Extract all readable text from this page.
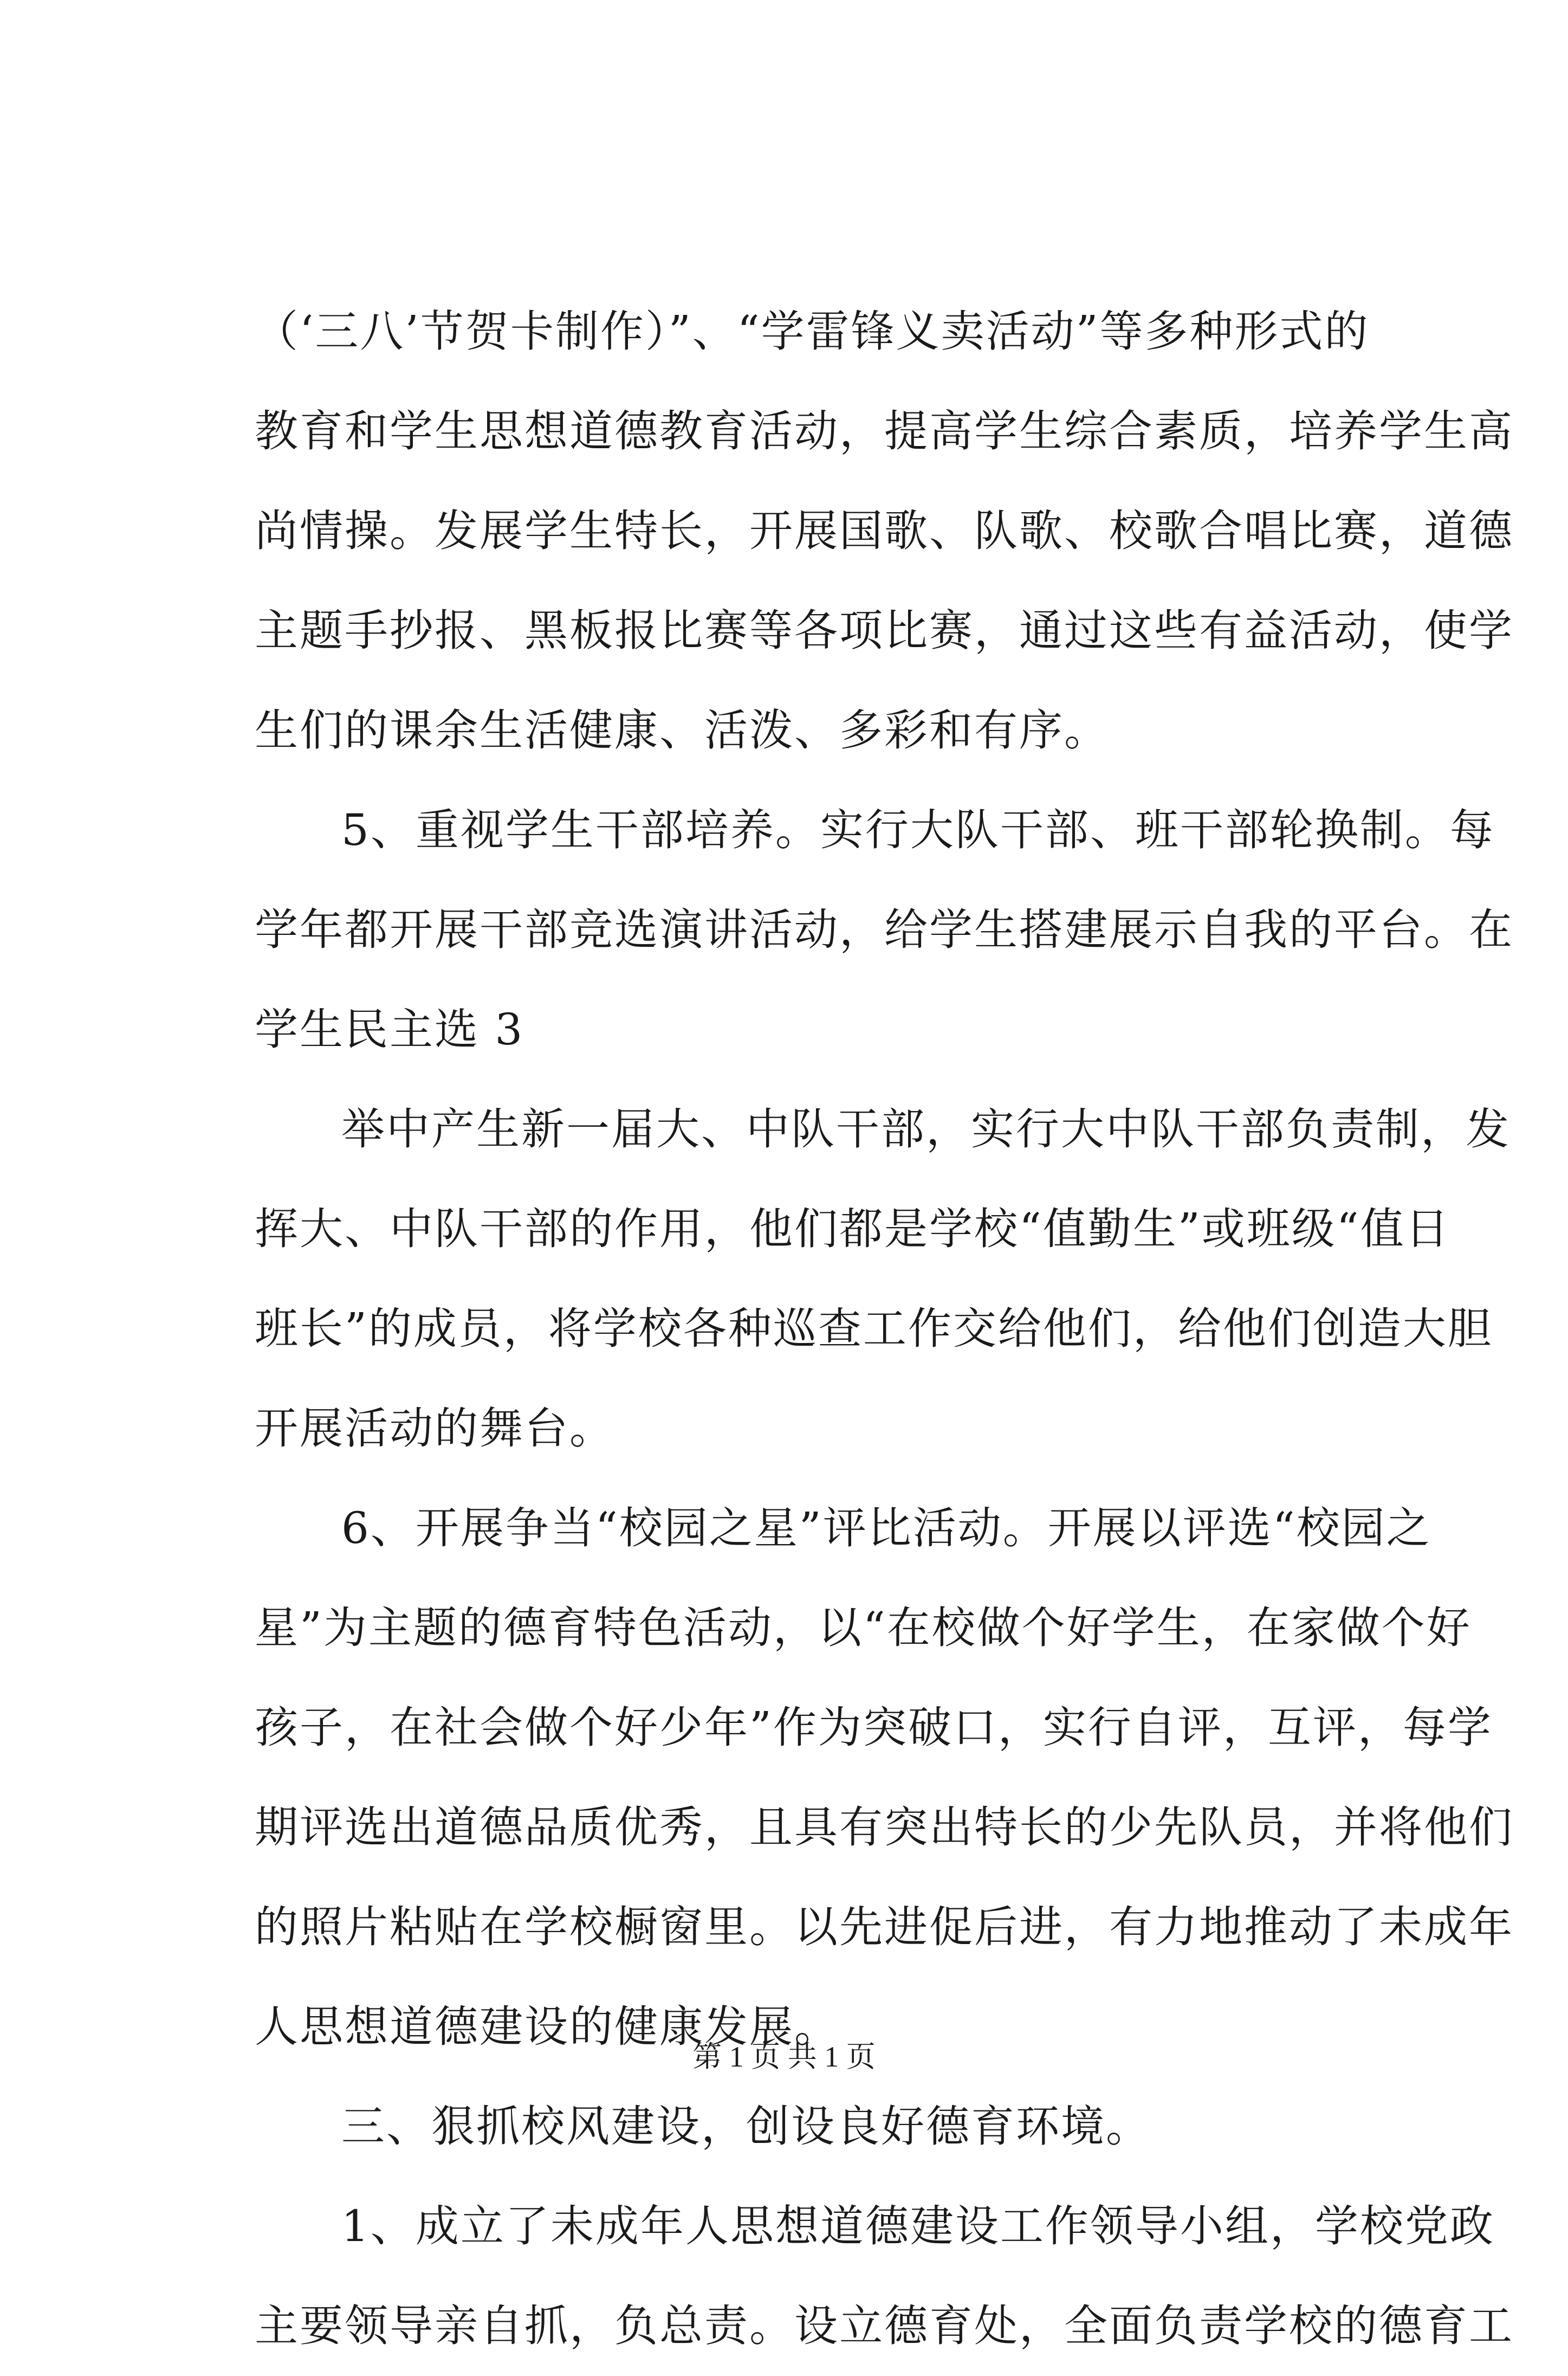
（‘三八’节贺卡制作）”、“学雷锋义卖活动”等多种形式的
教育和学生思想道德教育活动，提高学生综合素质，培养学生高
尚情操。发展学生特长，开展国歌、队歌、校歌合唱比赛，道德
主题手抄报、黑板报比赛等各项比赛，通过这些有益活动，使学
生们的课余生活健康、活泼、多彩和有序。
5、重视学生干部培养。实行大队干部、班干部轮换制。每
学年都开展干部竞选演讲活动，给学生搭建展示自我的平台。在
学生民主选 3
举中产生新一届大、中队干部，实行大中队干部负责制，发
挥大、中队干部的作用，他们都是学校“值勤生”或班级“值日
班长”的成员，将学校各种巡查工作交给他们，给他们创造大胆
开展活动的舞台。
6、开展争当“校园之星”评比活动。开展以评选“校园之
星”为主题的德育特色活动，以“在校做个好学生，在家做个好
孩子，在社会做个好少年”作为突破口，实行自评，互评，每学
期评选出道德品质优秀，且具有突出特长的少先队员，并将他们
的照片粘贴在学校橱窗里。以先进促后进，有力地推动了未成年
人思想道德建设的健康发展。
三、狠抓校风建设，创设良好德育环境。
1、成立了未成年人思想道德建设工作领导小组，学校党政
主要领导亲自抓，负总责。设立德育处，全面负责学校的德育工
第 1 页 共 1 页
